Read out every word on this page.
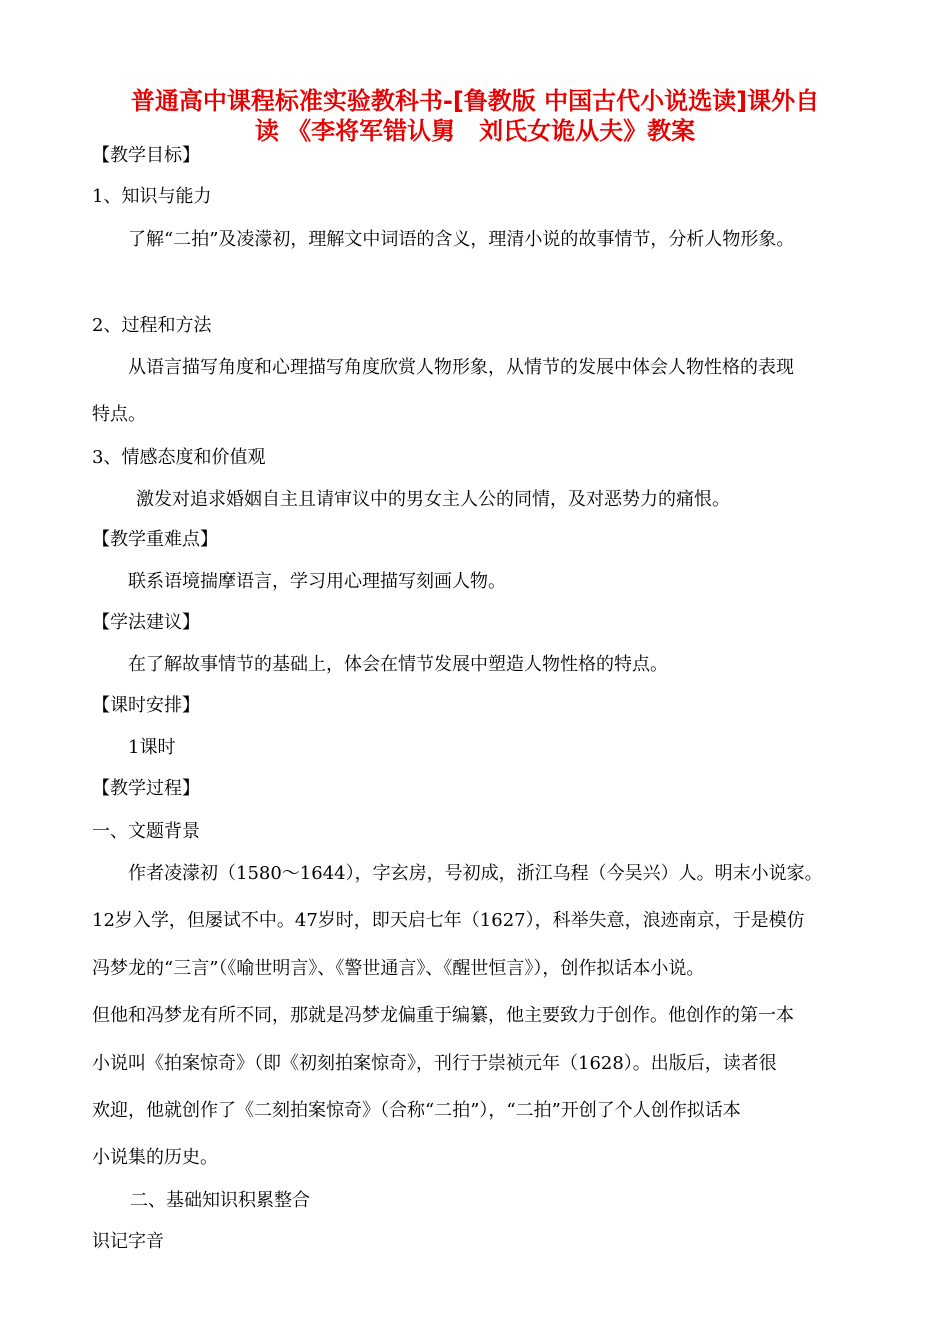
普通高中课程标准实验教科书-[鲁教版 中国古代小说选读]课外自
读 《李将军错认舅　刘氏女诡从夫》教案
【教学目标】
1、知识与能力
了解“二拍”及凌濛初，理解文中词语的含义，理清小说的故事情节，分析人物形象。
2、过程和方法
从语言描写角度和心理描写角度欣赏人物形象，从情节的发展中体会人物性格的表现
特点。
3、情感态度和价值观
激发对追求婚姻自主且请审议中的男女主人公的同情，及对恶势力的痛恨。
【教学重难点】
联系语境揣摩语言，学习用心理描写刻画人物。
【学法建议】
在了解故事情节的基础上，体会在情节发展中塑造人物性格的特点。
【课时安排】
1课时
【教学过程】
一、文题背景
作者凌濛初（1580～1644），字玄房，号初成，浙江乌程（今吴兴）人。明末小说家。
12岁入学，但屡试不中。47岁时，即天启七年（1627），科举失意，浪迹南京，于是模仿
冯梦龙的“三言”（《喻世明言》、《警世通言》、《醒世恒言》），创作拟话本小说。
但他和冯梦龙有所不同，那就是冯梦龙偏重于编纂，他主要致力于创作。他创作的第一本
小说叫《拍案惊奇》（即《初刻拍案惊奇》，刊行于崇祯元年（1628）。出版后，读者很
欢迎，他就创作了《二刻拍案惊奇》（合称“二拍”），“二拍”开创了个人创作拟话本
小说集的历史。
二、基础知识积累整合
识记字音
